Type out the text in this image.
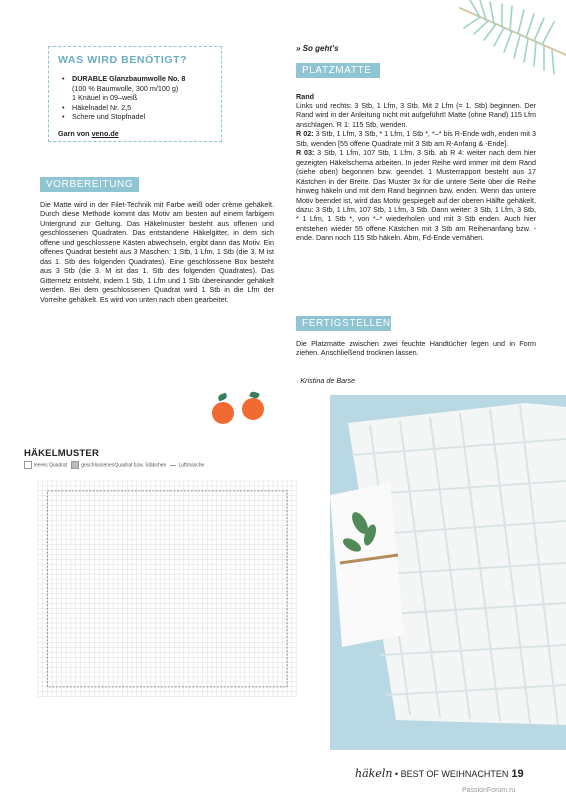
WAS WIRD BENÖTIGT?
• DURABLE Glanzbaumwolle No. 8
(100 % Baumwolle, 300 m/100 g)
1 Knäuel in 09–weiß
• Häkelnadel Nr. 2,5
• Schere und Stopfnadel
Garn von veno.de
VORBEREITUNG

Die Matte wird in der Filet-Technik mit Farbe weiß oder crème gehäkelt. Durch diese Methode kommt das Motiv am besten auf einem farbigem Untergrund zur Geltung. Das Häkelmuster besteht aus offenen und geschlossenen Quadraten. Das entstandene Häkelgitter, in dem sich offene und geschlossene Kästen abwechseln, ergibt dann das Motiv. Ein offenes Quadrat besteht aus 3 Maschen: 1 Stb, 1 Lfm, 1 Stb (die 3. M ist das 1. Stb des folgenden Quadrates). Eine geschlossene Box besteht aus 3 Stb (die 3. M ist das 1. Stb des folgenden Quadrates). Das Gitternetz entsteht, indem 1 Stb, 1 Lfm und 1 Stb übereinander gehäkelt werden. Bei dem geschlossenen Quadrat wird 1 Stb in die Lfm der Vorreihe gehäkelt. Es wird von unten nach oben gearbeitet.

» So geht’s
PLATZMATTE
Rand
Links und rechts: 3 Stb, 1 Lfm, 3 Stb. Mit 2 Lfm (= 1. Stb) beginnen. Der Rand wird in der Anleitung nicht mit aufgeführt! Matte (ohne Rand) 115 Lfm anschlagen. R 1: 115 Stb, wenden.
R 02: 3 Stb, 1 Lfm, 3 Stb, * 1 Lfm, 1 Stb *, *–* bis R-Ende wdh, enden mit 3 Stb, wenden [55 offene Quadrate mit 3 Stb am R-Anfang & -Ende].
R 03: 3 Stb, 1 Lfm, 107 Stb, 1 Lfm, 3 Stb. ab R 4: weiter nach dem hier gezeigten Häkelschema arbeiten. In jeder Reihe wird immer mit dem Rand (siehe oben) begonnen bzw. geendet. 1 Musterrapport besteht aus 17 Kästchen in der Breite. Das Muster 3x für die untere Seite über die Reihe hinweg häkeln und mit dem Rand beginnen bzw. enden. Wenn das untere Motiv beendet ist, wird das Motiv gespiegelt auf der oberen Hälfte gehäkelt, dazu: 3 Stb, 1 Lfm, 107 Stb, 1 Lfm, 3 Stb. Dann weiter: 3 Stb, 1 Lfm, 3 Stb, * 1 Lfm, 1 Stb *, von *–* wiederholen und mit 3 Stb enden. Auch hier entstehen wieder 55 offene Kästchen mit 3 Stb am Reihenanfang bzw. -ende. Dann noch 115 Stb häkeln. Abm, Fd-Ende vernähen.
FERTIGSTELLEN

Die Platzmatte zwischen zwei feuchte Handtücher legen und in Form ziehen. Anschließend trocknen lassen.

· Kristina de Barse
HÄKELMUSTER
leeres Quadrat	geschlossenesQuadrat bzw. Stäbchen Luftmasche
häkeln • BEST OF WEIHNACHTEN 19
PassionForum.ru
